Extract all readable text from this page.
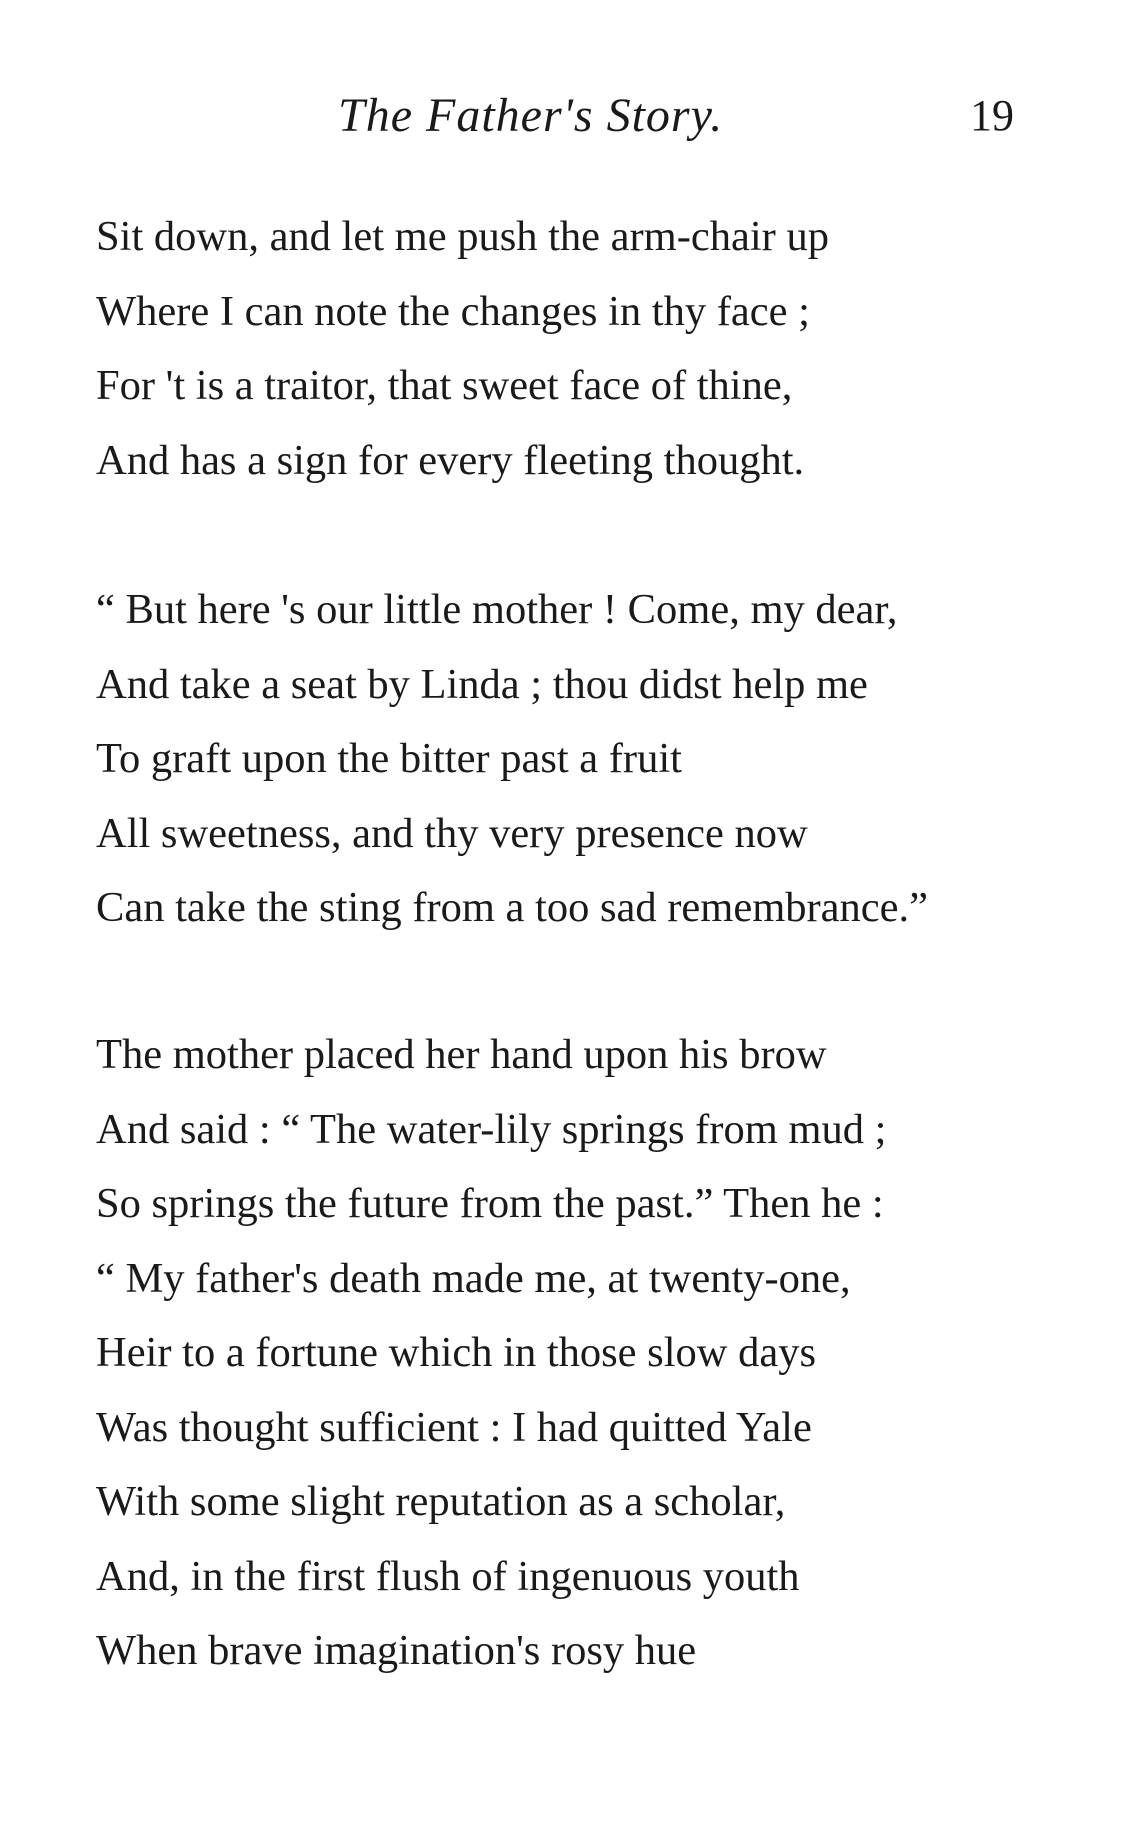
The Father's Story.	19
Sit down, and let me push the arm-chair up
Where I can note the changes in thy face ;
For 't is a traitor, that sweet face of thine,
And has a sign for every fleeting thought.
“ But here 's our little mother ! Come, my dear,
And take a seat by Linda ; thou didst help me
To graft upon the bitter past a fruit
All sweetness, and thy very presence now
Can take the sting from a too sad remembrance.”
The mother placed her hand upon his brow
And said : “ The water-lily springs from mud ;
So springs the future from the past.” Then he :
“ My father's death made me, at twenty-one,
Heir to a fortune which in those slow days
Was thought sufficient : I had quitted Yale
With some slight reputation as a scholar,
And, in the first flush of ingenuous youth
When brave imagination's rosy hue
